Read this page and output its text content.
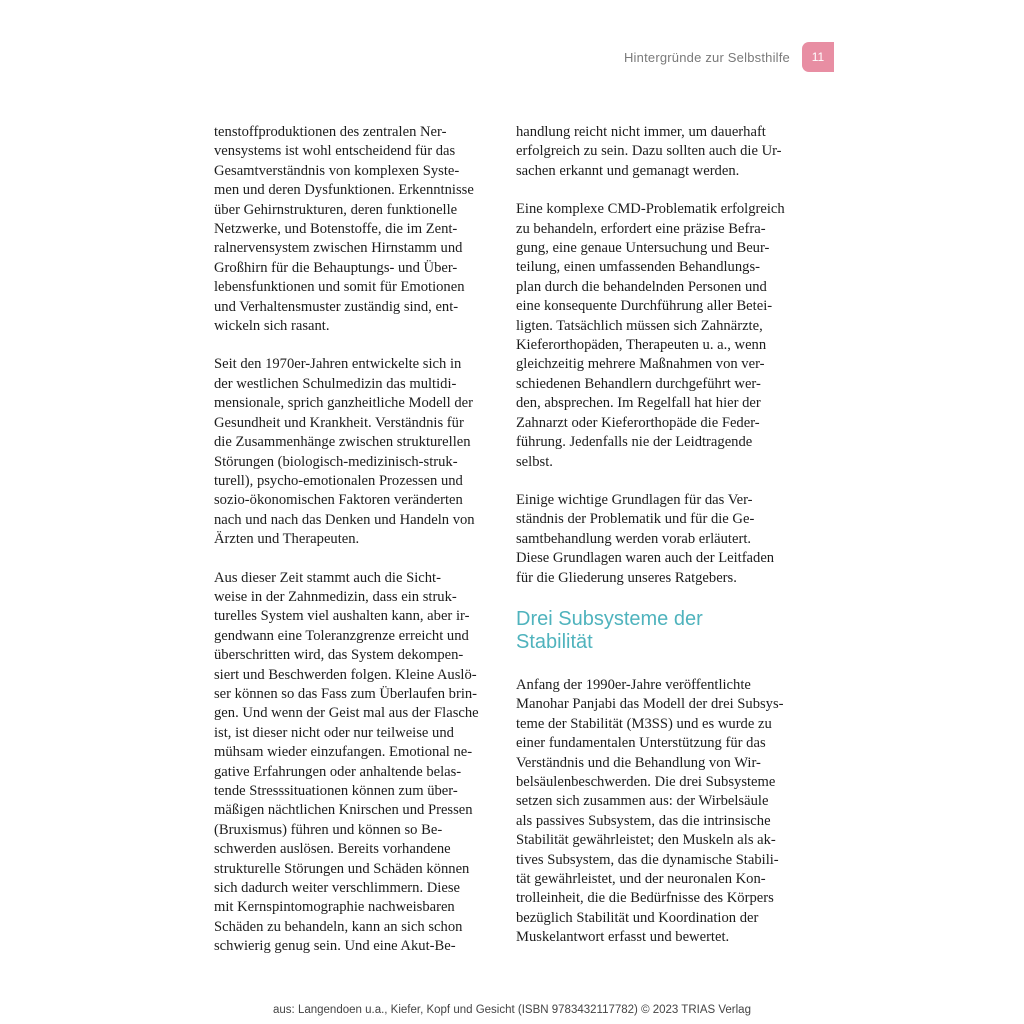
Hintergründe zur Selbsthilfe 11

tenstoffproduktionen des zentralen Ner-
vensystems ist wohl entscheidend für das
Gesamtverständnis von komplexen Syste-
men und deren Dysfunktionen. Erkenntnisse
über Gehirnstrukturen, deren funktionelle
Netzwerke, und Botenstoffe, die im Zent-
ralnervensystem zwischen Hirnstamm und
Großhirn für die Behauptungs- und Über-
lebensfunktionen und somit für Emotionen
und Verhaltensmuster zuständig sind, ent-
wickeln sich rasant.

Seit den 1970er-Jahren entwickelte sich in
der westlichen Schulmedizin das multidi-
mensionale, sprich ganzheitliche Modell der
Gesundheit und Krankheit. Verständnis für
die Zusammenhänge zwischen strukturellen
Störungen (biologisch-medizinisch-struk-
turell), psycho-emotionalen Prozessen und
sozio-ökonomischen Faktoren veränderten
nach und nach das Denken und Handeln von
Ärzten und Therapeuten.

Aus dieser Zeit stammt auch die Sicht-
weise in der Zahnmedizin, dass ein struk-
turelles System viel aushalten kann, aber ir-
gendwann eine Toleranzgrenze erreicht und
überschritten wird, das System dekompen-
siert und Beschwerden folgen. Kleine Auslö-
ser können so das Fass zum Überlaufen brin-
gen. Und wenn der Geist mal aus der Flasche
ist, ist dieser nicht oder nur teilweise und
mühsam wieder einzufangen. Emotional ne-
gative Erfahrungen oder anhaltende belas-
tende Stresssituationen können zum über-
mäßigen nächtlichen Knirschen und Pressen
(Bruxismus) führen und können so Be-
schwerden auslösen. Bereits vorhandene
strukturelle Störungen und Schäden können
sich dadurch weiter verschlimmern. Diese
mit Kernspintomographie nachweisbaren
Schäden zu behandeln, kann an sich schon
schwierig genug sein. Und eine Akut-Be-

handlung reicht nicht immer, um dauerhaft
erfolgreich zu sein. Dazu sollten auch die Ur-
sachen erkannt und gemanagt werden.

Eine komplexe CMD-Problematik erfolgreich
zu behandeln, erfordert eine präzise Befra-
gung, eine genaue Untersuchung und Beur-
teilung, einen umfassenden Behandlungs-
plan durch die behandelnden Personen und
eine konsequente Durchführung aller Betei-
ligten. Tatsächlich müssen sich Zahnärzte,
Kieferorthopäden, Therapeuten u. a., wenn
gleichzeitig mehrere Maßnahmen von ver-
schiedenen Behandlern durchgeführt wer-
den, absprechen. Im Regelfall hat hier der
Zahnarzt oder Kieferorthopäde die Feder-
führung. Jedenfalls nie der Leidtragende
selbst.

Einige wichtige Grundlagen für das Ver-
ständnis der Problematik und für die Ge-
samtbehandlung werden vorab erläutert.
Diese Grundlagen waren auch der Leitfaden
für die Gliederung unseres Ratgebers.

Drei Subsysteme der
Stabilität

Anfang der 1990er-Jahre veröffentlichte
Manohar Panjabi das Modell der drei Subsys-
teme der Stabilität (M3SS) und es wurde zu
einer fundamentalen Unterstützung für das
Verständnis und die Behandlung von Wir-
belsäulenbeschwerden. Die drei Subsysteme
setzen sich zusammen aus: der Wirbelsäule
als passives Subsystem, das die intrinsische
Stabilität gewährleistet; den Muskeln als ak-
tives Subsystem, das die dynamische Stabili-
tät gewährleistet, und der neuronalen Kon-
trolleinheit, die die Bedürfnisse des Körpers
bezüglich Stabilität und Koordination der
Muskelantwort erfasst und bewertet.

aus: Langendoen u.a., Kiefer, Kopf und Gesicht (ISBN 9783432117782) © 2023 TRIAS Verlag
